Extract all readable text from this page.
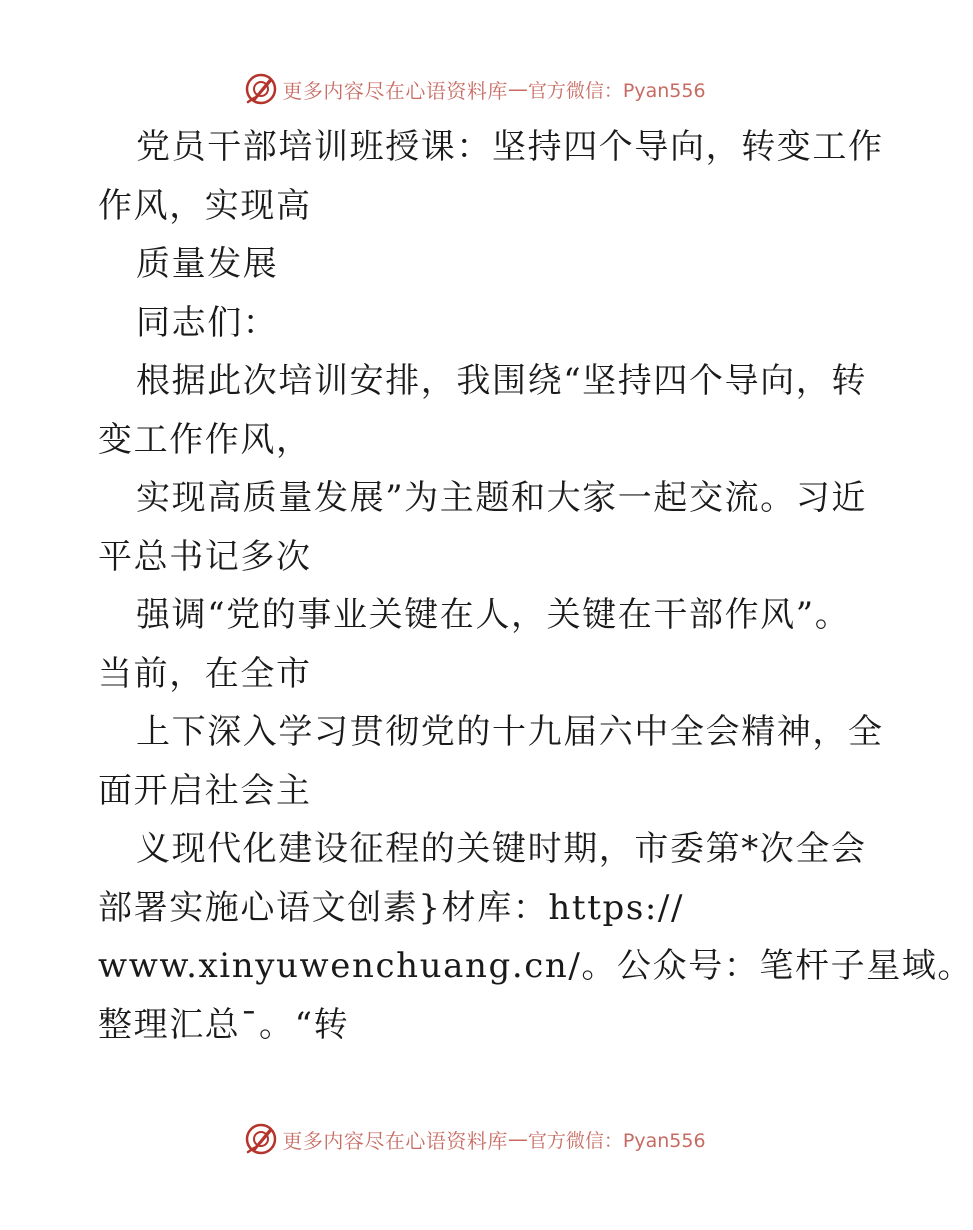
更多内容尽在心语资料库 — 官方微信：Pyan556
党员干部培训班授课：坚持四个导向，转变工作
作风，实现高
质量发展
同志们：
根据此次培训安排，我围绕“坚持四个导向，转
变工作作风，
实现高质量发展”为主题和大家一起交流。习近
平总书记多次
强调“党的事业关键在人，关键在干部作风”。
当前，在全市
上下深入学习贯彻党的十九届六中全会精神，全
面开启社会主
义现代化建设征程的关键时期，市委第*次全会
部署实施心语文创素}材库：https://
www.xinyuwenchuang.cn/。公众号：笔杆子星域。
整理汇总¯。“转
更多内容尽在心语资料库 — 官方微信：Pyan556
